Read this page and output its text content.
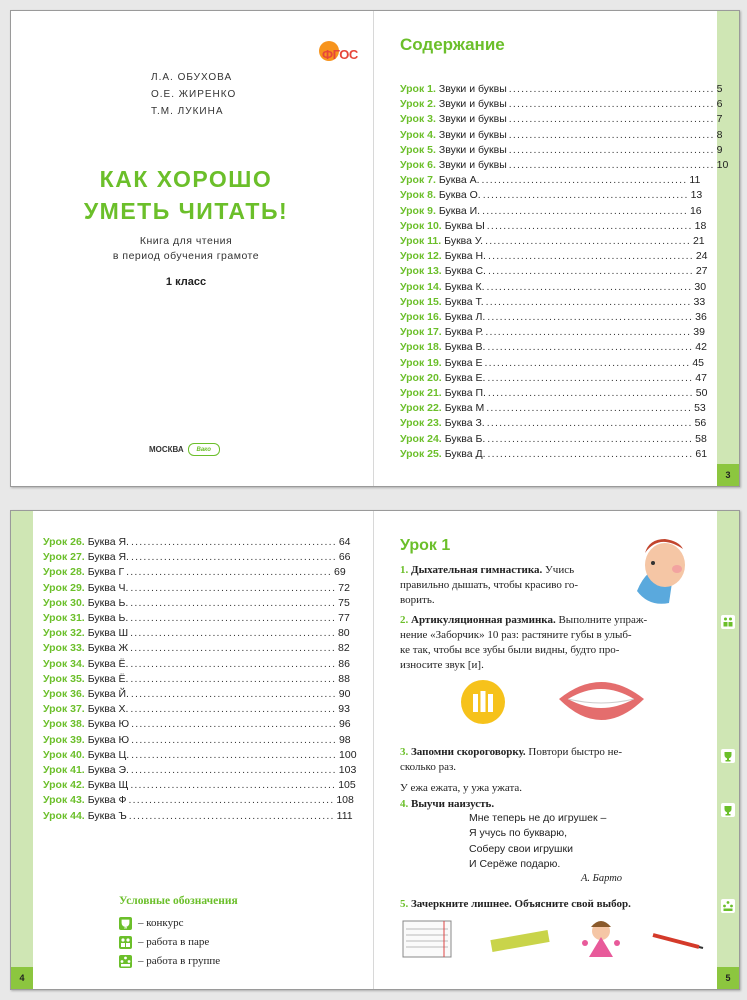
3
ФГОС
Л.А. ОБУХОВА
О.Е. ЖИРЕНКО
Т.М. ЛУКИНА
КАК ХОРОШО
УМЕТЬ ЧИТАТЬ!
Книга для чтения
в период обучения грамоте
1 класс
МОСКВА	Вако
Содержание
Урок 1. Звуки и буквы .................................................. 5
Урок 2. Звуки и буквы .................................................. 6
Урок 3. Звуки и буквы .................................................. 7
Урок 4. Звуки и буквы .................................................. 8
Урок 5. Звуки и буквы .................................................. 9
Урок 6. Звуки и буквы .................................................. 10
Урок 7. Буква А. .................................................. 11
Урок 8. Буква О. .................................................. 13
Урок 9. Буква И. .................................................. 16
Урок 10. Буква Ы .................................................. 18
Урок 11. Буква У. .................................................. 21
Урок 12. Буква Н. .................................................. 24
Урок 13. Буква С. .................................................. 27
Урок 14. Буква К. .................................................. 30
Урок 15. Буква Т. .................................................. 33
Урок 16. Буква Л. .................................................. 36
Урок 17. Буква Р. .................................................. 39
Урок 18. Буква В. .................................................. 42
Урок 19. Буква Е .................................................. 45
Урок 20. Буква Е. .................................................. 47
Урок 21. Буква П. .................................................. 50
Урок 22. Буква М .................................................. 53
Урок 23. Буква З. .................................................. 56
Урок 24. Буква Б. .................................................. 58
Урок 25. Буква Д. .................................................. 61
4	5
Урок 26. Буква Я. .................................................. 64
Урок 27. Буква Я. .................................................. 66
Урок 28. Буква Г .................................................. 69
Урок 29. Буква Ч. .................................................. 72
Урок 30. Буква Ь. .................................................. 75
Урок 31. Буква Ь. .................................................. 77
Урок 32. Буква Ш .................................................. 80
Урок 33. Буква Ж .................................................. 82
Урок 34. Буква Ё. .................................................. 86
Урок 35. Буква Ё. .................................................. 88
Урок 36. Буква Й. .................................................. 90
Урок 37. Буква Х. .................................................. 93
Урок 38. Буква Ю .................................................. 96
Урок 39. Буква Ю .................................................. 98
Урок 40. Буква Ц. .................................................. 100
Урок 41. Буква Э. .................................................. 103
Урок 42. Буква Щ .................................................. 105
Урок 43. Буква Ф .................................................. 108
Урок 44. Буква Ъ .................................................. 111
Условные обозначения
– конкурс
– работа в паре
– работа в группе
Урок 1
1. Дыхательная гимнастика. Учись
правильно дышать, чтобы красиво го-
ворить.
2. Артикуляционная разминка. Выполните упраж-
нение «Заборчик» 10 раз: растяните губы в улыб-
ке так, чтобы все зубы были видны, будто про-
износите звук [и].
3. Запомни скороговорку. Повтори быстро не-
сколько раз.
У ежа ежата, у ужа ужата.
4. Выучи наизусть.
Мне теперь не до игрушек –
Я учусь по букварю,
Соберу свои игрушки
И Серёже подарю.
А. Барто
5. Зачеркните лишнее. Объясните свой выбор.
